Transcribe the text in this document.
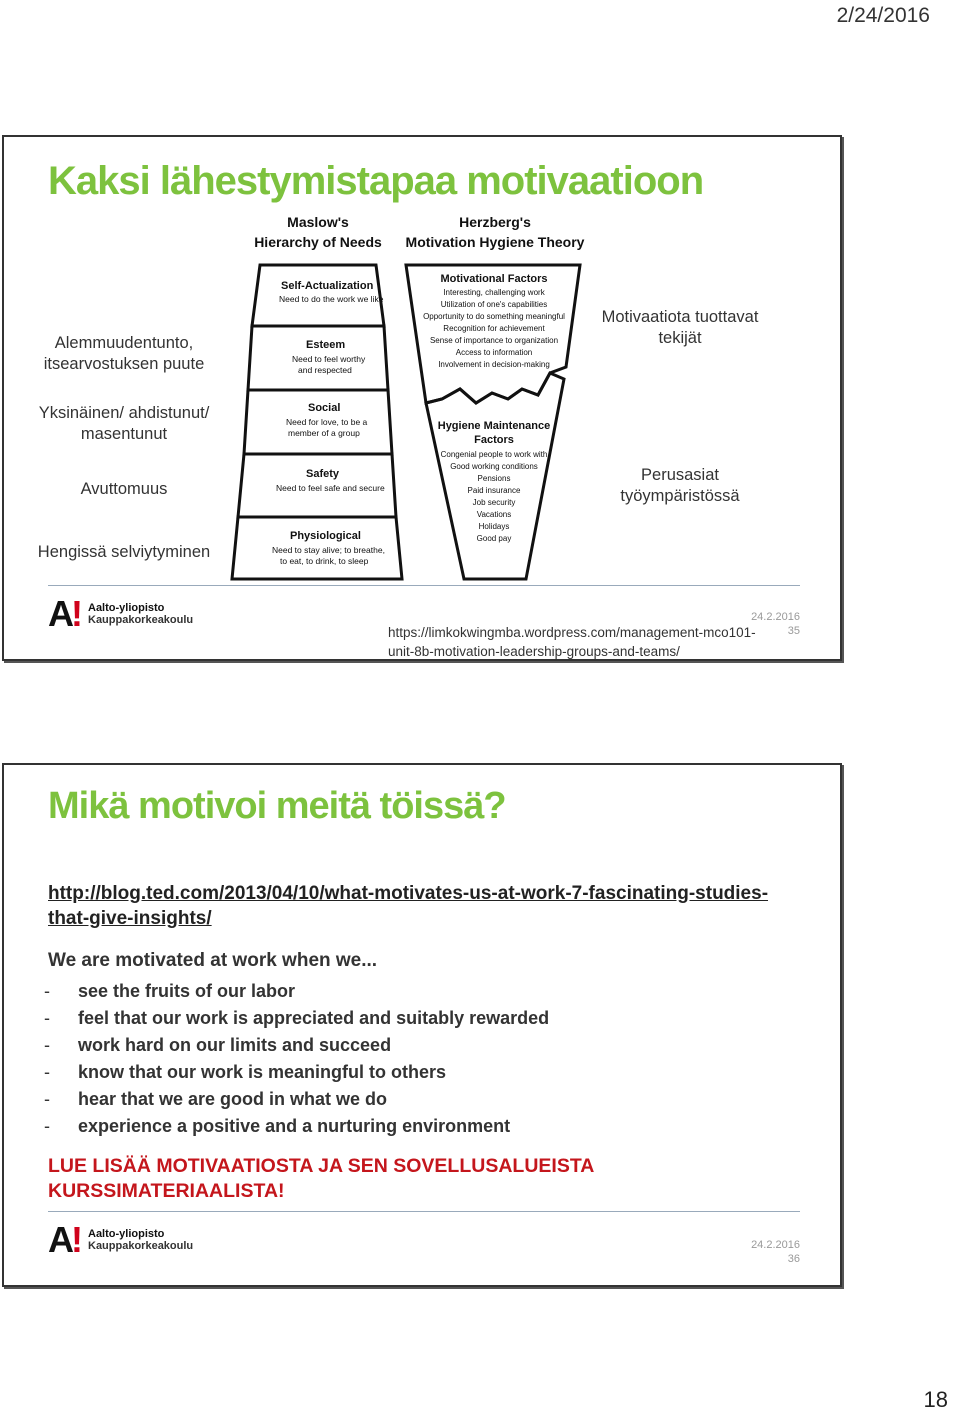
2/24/2016
Kaksi lähestymistapaa motivaatioon
Alemmuudentunto, itsearvostuksen puute
Yksinäinen/ ahdistunut/ masentunut
Avuttomuus
Hengissä selviytyminen
Motivaatiota tuottavat tekijät
Perusasiat työympäristössä
Maslow's
Hierarchy of Needs
Herzberg's
Motivation Hygiene Theory
Self-Actualization
Need to do the work we like
Esteem
Need to feel worthy
and respected
Social
Need for love, to be a
member of a group
Safety
Need to feel safe and secure
Physiological
Need to stay alive; to breathe,
to eat, to drink, to sleep
Motivational Factors
Interesting, challenging work
Utilization of one's capabilities
Opportunity to do something meaningful
Recognition for achievement
Sense of importance to organization
Access to information
Involvement in decision-making
Hygiene Maintenance
Factors
Congenial people to work with
Good working conditions
Pensions
Paid insurance
Job security
Vacations
Holidays
Good pay
A! Aalto-yliopisto
Kauppakorkeakoulu
https://limkokwingmba.wordpress.com/management-mco101-unit-8b-motivation-leadership-groups-and-teams/
24.2.2016
35
Mikä motivoi meitä töissä?
http://blog.ted.com/2013/04/10/what-motivates-us-at-work-7-fascinating-studies-that-give-insights/
We are motivated at work when we...
-	see the fruits of our labor
-	feel that our work is appreciated and suitably rewarded
-	work hard on our limits and succeed
-	know that our work is meaningful to others
-	hear that we are good in what we do
-	experience a positive and a nurturing environment
LUE LISÄÄ MOTIVAATIOSTA JA SEN SOVELLUSALUEISTA KURSSIMATERIAALISTA!
A! Aalto-yliopisto
Kauppakorkeakoulu	24.2.2016
36
18
